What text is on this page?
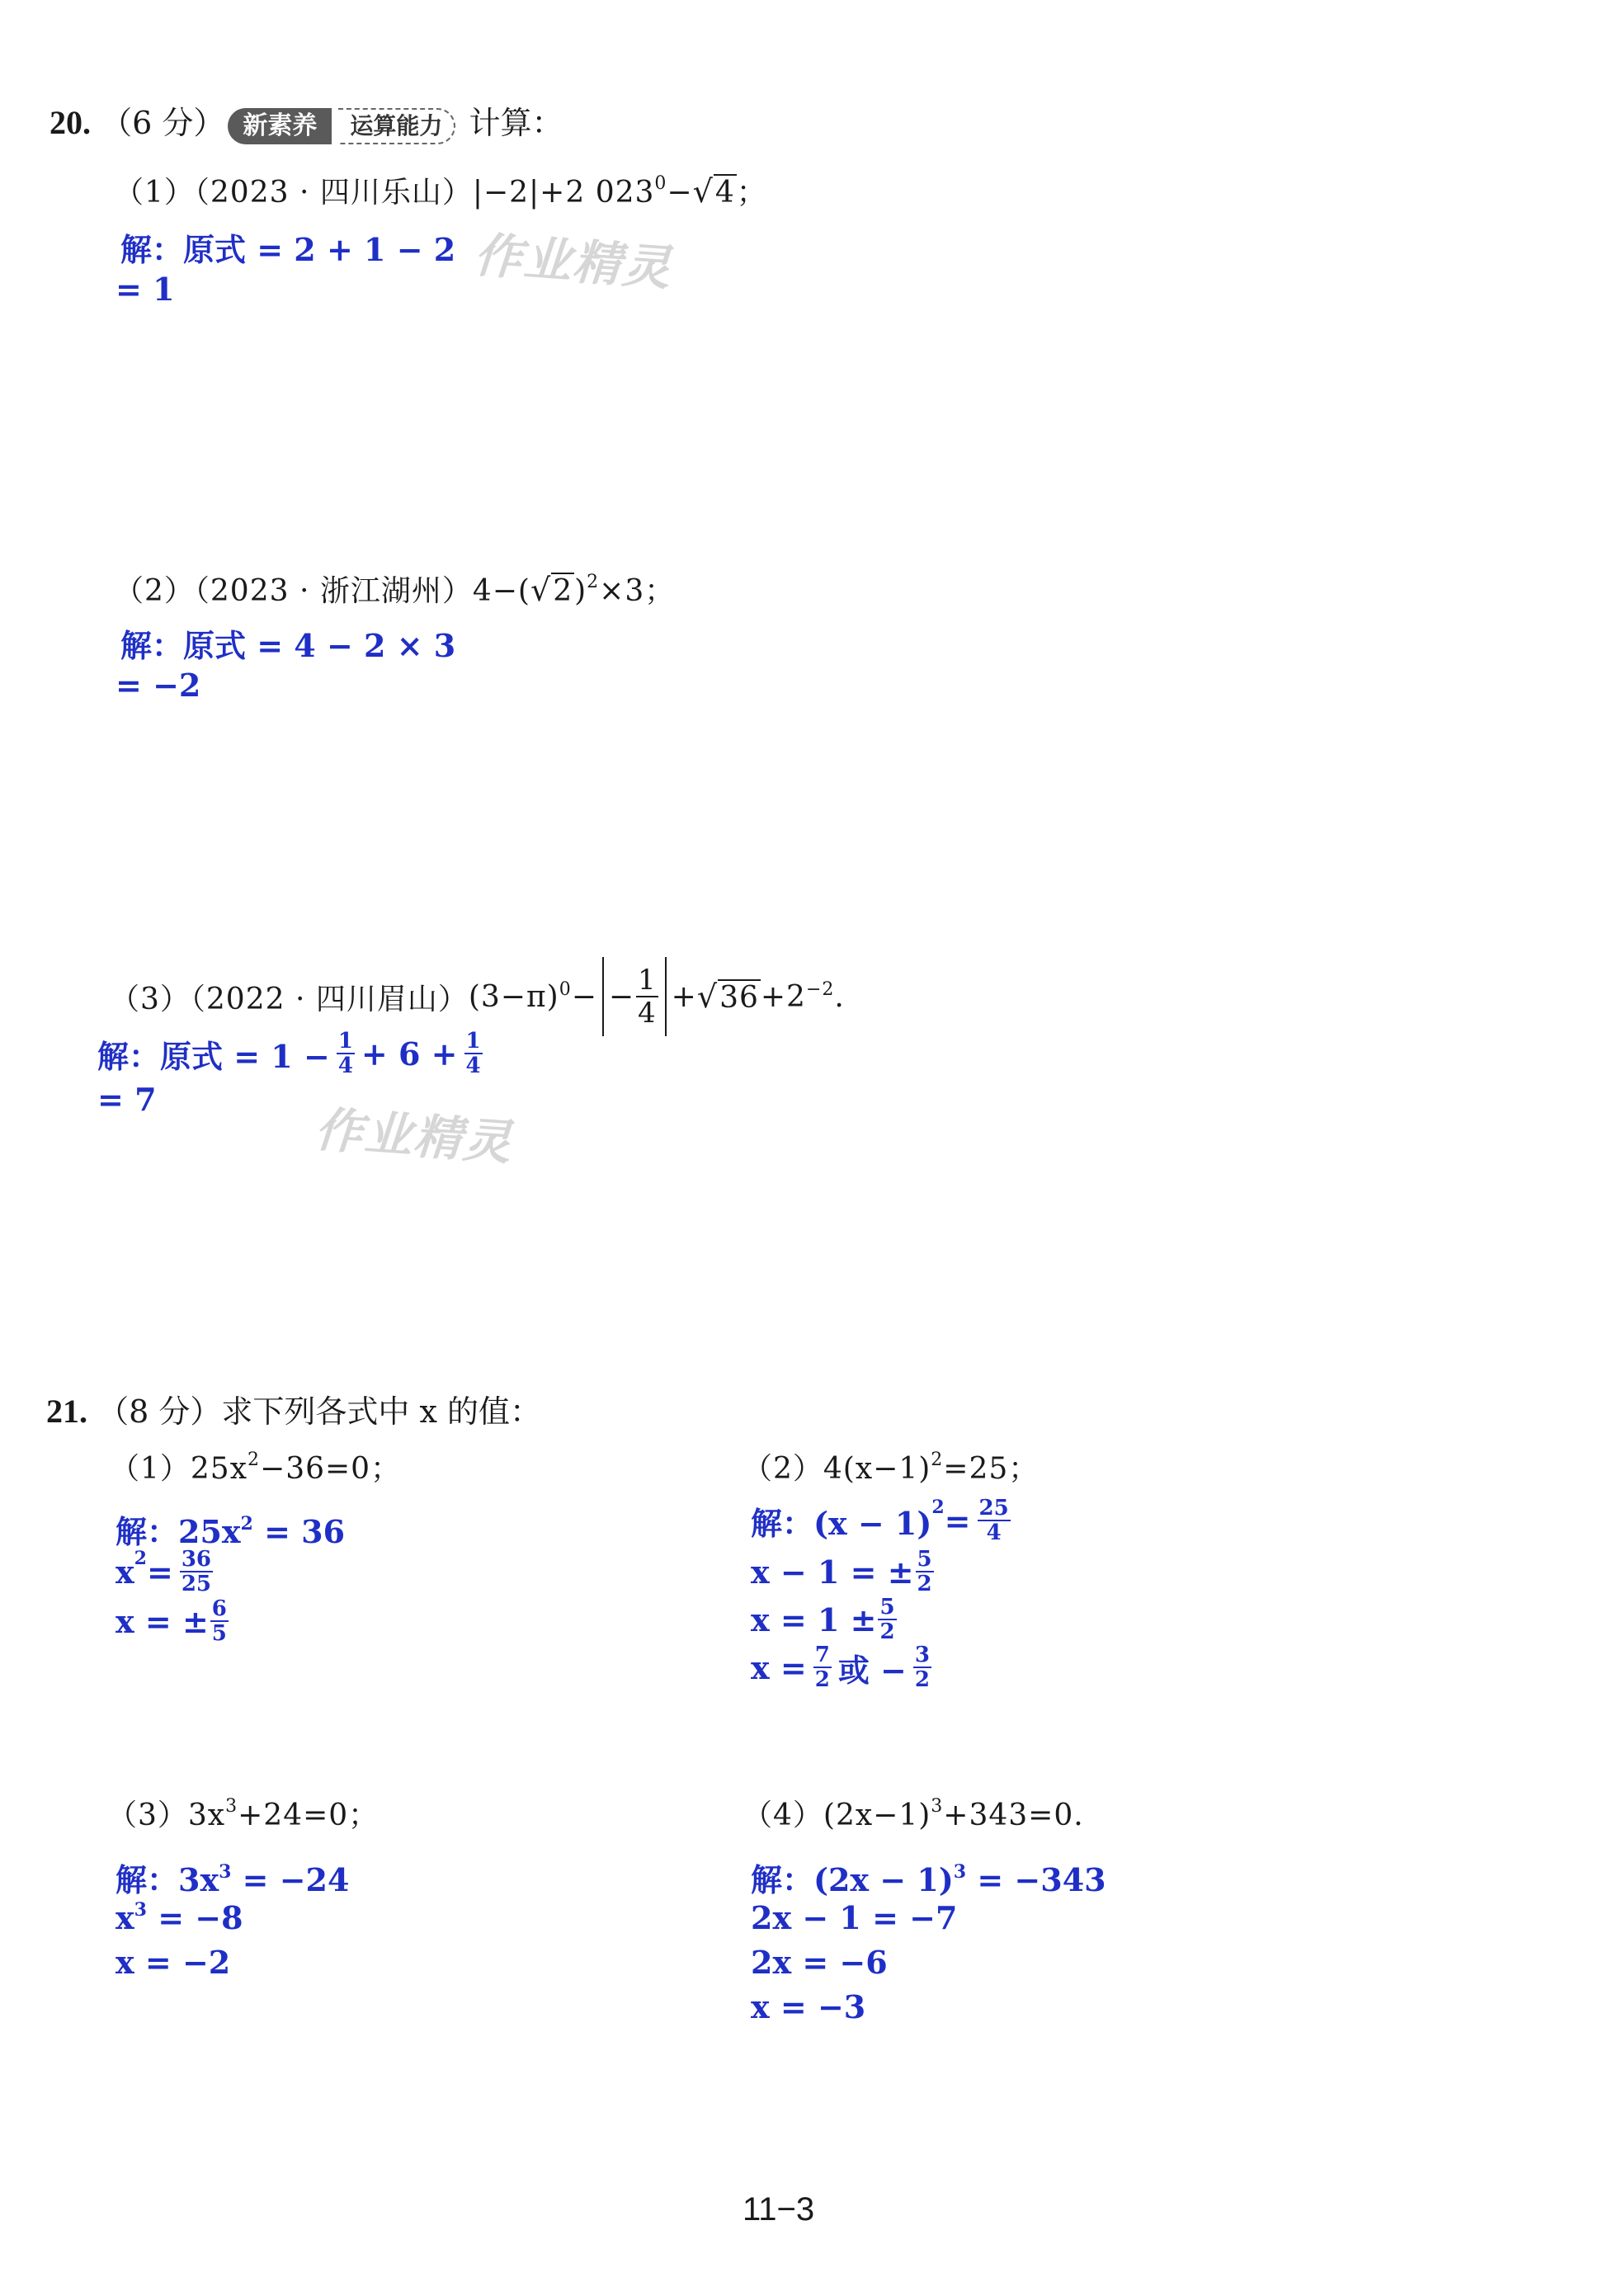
20. （6 分） 新素养 运算能力 计算：
（1）（2023 · 四川乐山）|−2|+2 $023^0-√4$；
解：原式 = 2 + 1 − 2
= 1	作业精灵
（2）（2023 · 浙江湖州）$4-(√2)^2\times 3$；
解：原式 = 4 − 2 × 3
= −2
（3）（2022 · 四川眉山） (3−π) 0 − − $\frac{1}{4}$ + √ 36 +2 −2 .
解：原式 = $1 - \frac{1}{4} + 6 + \frac{1}{4}$
= 7
作业精灵
21. （8 分）求下列各式中 x 的值：
$(1)25x^2-36=0$；
解：$25x^2 = 36$
x $2 = \frac{36}{25}$
x = ± $\frac{6}{5}$
$(2)4(x-1)^2=25$；
解：(x − 1) $2 = \frac{25}{4}$
x − 1 = ± $\frac{5}{2}$
$x = 1 \pm \frac{5}{2}$
$x = \frac{7}{2}$ 或 − $\frac{3}{2}$
$(3)3x^3+24=0$；
解：$3x^3 = -24$
$x^3 = -8$
x = −2
$(4)(2x-1)^3+343=0$.
解：$(2x - 1)^3 = -343$
2x − 1 = −7
2x = −6
x = −3
11−3
